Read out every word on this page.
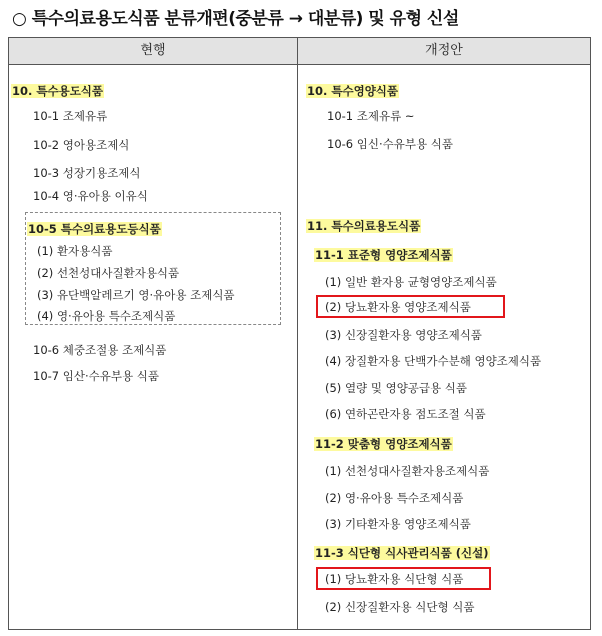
○ 특수의료용도식품 분류개편(중분류 → 대분류) 및 유형 신설
현행	개정안
10. 특수용도식품
10-1 조제유류
10-2 영아용조제식
10-3 성장기용조제식
10-4 영·유아용 이유식
10-5 특수의료용도등식품
(1) 환자용식품
(2) 선천성대사질환자용식품
(3) 유단백알레르기 영·유아용 조제식품
(4) 영·유아용 특수조제식품
10-6 체중조절용 조제식품
10-7 임산·수유부용 식품
10. 특수영양식품
10-1 조제유류 ~
10-6 임신·수유부용 식품
11. 특수의료용도식품
11-1 표준형 영양조제식품
(1) 일반 환자용 균형영양조제식품
(2) 당뇨환자용 영양조제식품
(3) 신장질환자용 영양조제식품
(4) 장질환자용 단백가수분해 영양조제식품
(5) 열량 및 영양공급용 식품
(6) 연하곤란자용 점도조절 식품
11-2 맞춤형 영양조제식품
(1) 선천성대사질환자용조제식품
(2) 영·유아용 특수조제식품
(3) 기타환자용 영양조제식품
11-3 식단형 식사관리식품 (신설)
(1) 당뇨환자용 식단형 식품
(2) 신장질환자용 식단형 식품
